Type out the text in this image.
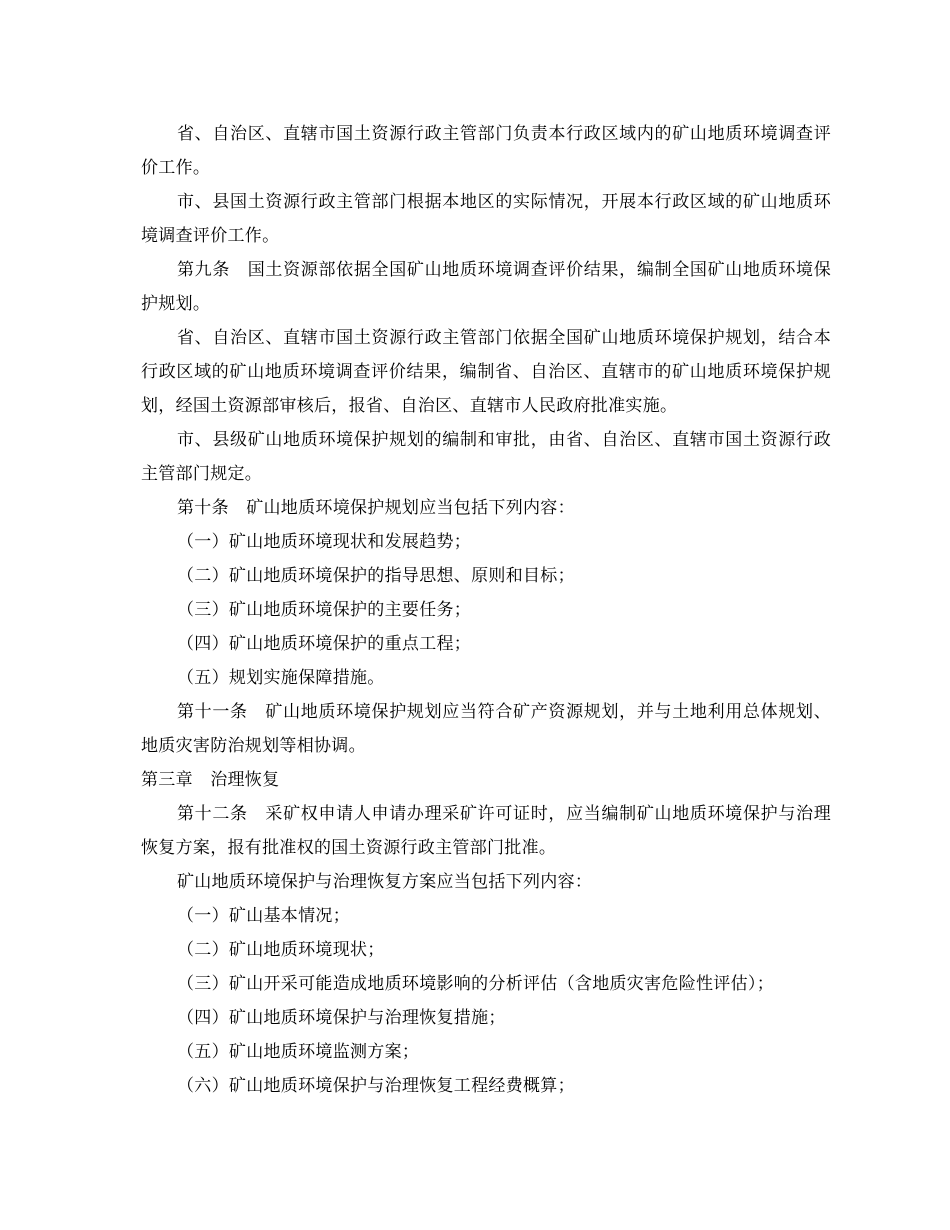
省、自治区、直辖市国土资源行政主管部门负责本行政区域内的矿山地质环境调查评价工作。

市、县国土资源行政主管部门根据本地区的实际情况，开展本行政区域的矿山地质环境调查评价工作。

第九条　国土资源部依据全国矿山地质环境调查评价结果，编制全国矿山地质环境保护规划。

省、自治区、直辖市国土资源行政主管部门依据全国矿山地质环境保护规划，结合本行政区域的矿山地质环境调查评价结果，编制省、自治区、直辖市的矿山地质环境保护规划，经国土资源部审核后，报省、自治区、直辖市人民政府批准实施。

市、县级矿山地质环境保护规划的编制和审批，由省、自治区、直辖市国土资源行政主管部门规定。

第十条　矿山地质环境保护规划应当包括下列内容：

（一）矿山地质环境现状和发展趋势；

（二）矿山地质环境保护的指导思想、原则和目标；

（三）矿山地质环境保护的主要任务；

（四）矿山地质环境保护的重点工程；

（五）规划实施保障措施。

第十一条　矿山地质环境保护规划应当符合矿产资源规划，并与土地利用总体规划、地质灾害防治规划等相协调。

第三章　治理恢复

第十二条　采矿权申请人申请办理采矿许可证时，应当编制矿山地质环境保护与治理恢复方案，报有批准权的国土资源行政主管部门批准。

矿山地质环境保护与治理恢复方案应当包括下列内容：

（一）矿山基本情况；

（二）矿山地质环境现状；

（三）矿山开采可能造成地质环境影响的分析评估（含地质灾害危险性评估）；

（四）矿山地质环境保护与治理恢复措施；

（五）矿山地质环境监测方案；

（六）矿山地质环境保护与治理恢复工程经费概算；
